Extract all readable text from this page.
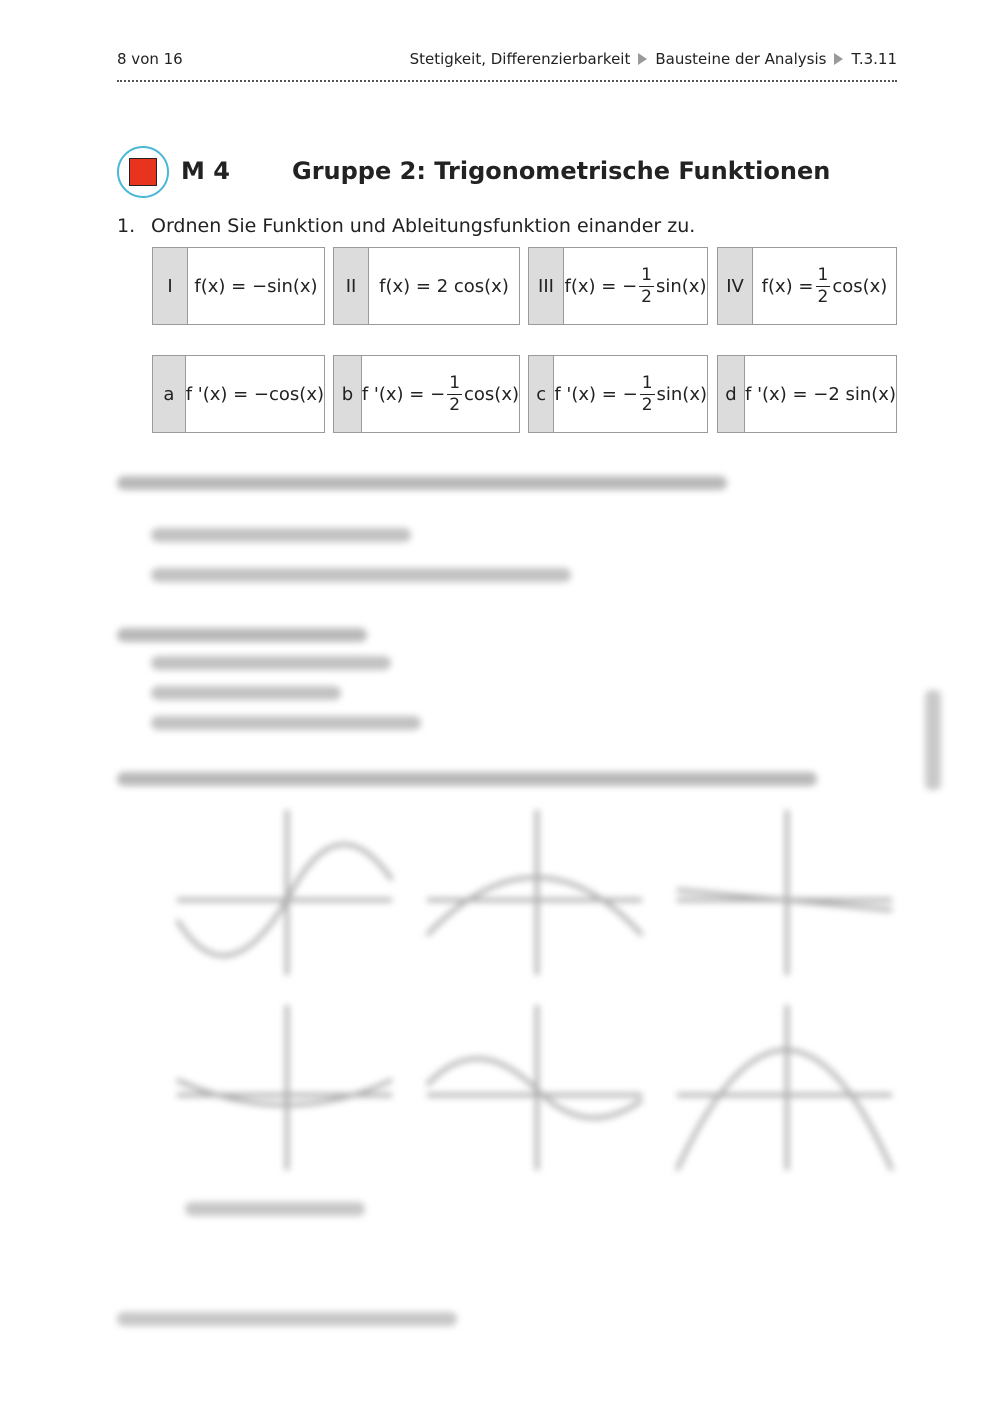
8 von 16	Stetigkeit, Differenzierbarkeit Bausteine der Analysis T.3.11
M 4	Gruppe 2: Trigonometrische Funktionen
1. Ordnen Sie Funktion und Ableitungsfunktion einander zu.
I	f(x) = −sin(x)	II	f(x) = 2 cos(x)	III f(x) = − $\frac{1}{2} \sin(x)$	IV $f(x) = \frac{1}{2} \cos(x)$
a f '(x) = −cos(x) b f '(x) = − $\frac{1}{2} \cos(x)$ c f '(x) = − $\frac{1}{2} \sin(x)$	d f '(x) = −2 sin(x)
